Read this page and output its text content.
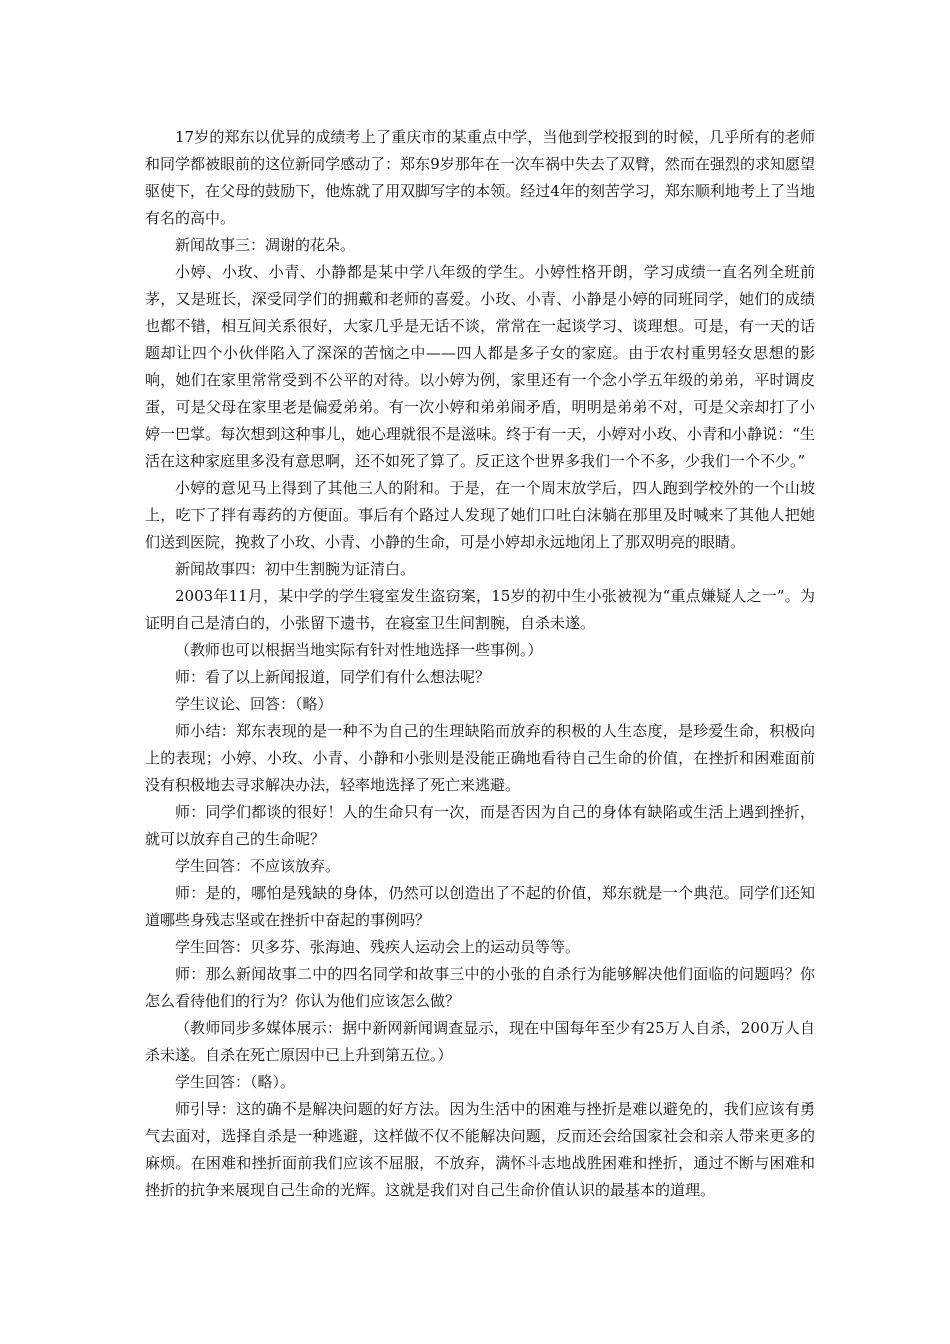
17岁的郑东以优异的成绩考上了重庆市的某重点中学，当他到学校报到的时候，几乎所有的老师和同学都被眼前的这位新同学感动了：郑东9岁那年在一次车祸中失去了双臂，然而在强烈的求知愿望驱使下，在父母的鼓励下，他炼就了用双脚写字的本领。经过4年的刻苦学习，郑东顺利地考上了当地有名的高中。

新闻故事三：凋谢的花朵。

小婷、小玫、小青、小静都是某中学八年级的学生。小婷性格开朗，学习成绩一直名列全班前茅，又是班长，深受同学们的拥戴和老师的喜爱。小玫、小青、小静是小婷的同班同学，她们的成绩也都不错，相互间关系很好，大家几乎是无话不谈，常常在一起谈学习、谈理想。可是，有一天的话题却让四个小伙伴陷入了深深的苦恼之中——四人都是多子女的家庭。由于农村重男轻女思想的影响，她们在家里常常受到不公平的对待。以小婷为例，家里还有一个念小学五年级的弟弟，平时调皮蛋，可是父母在家里老是偏爱弟弟。有一次小婷和弟弟闹矛盾，明明是弟弟不对，可是父亲却打了小婷一巴掌。每次想到这种事儿，她心理就很不是滋味。终于有一天，小婷对小玫、小青和小静说：“生活在这种家庭里多没有意思啊，还不如死了算了。反正这个世界多我们一个不多，少我们一个不少。”

小婷的意见马上得到了其他三人的附和。于是，在一个周末放学后，四人跑到学校外的一个山坡上，吃下了拌有毒药的方便面。事后有个路过人发现了她们口吐白沫躺在那里及时喊来了其他人把她们送到医院，挽救了小玫、小青、小静的生命，可是小婷却永远地闭上了那双明亮的眼睛。

新闻故事四：初中生割腕为证清白。

2003年11月，某中学的学生寝室发生盗窃案，15岁的初中生小张被视为“重点嫌疑人之一”。为证明自己是清白的，小张留下遗书，在寝室卫生间割腕，自杀未遂。

（教师也可以根据当地实际有针对性地选择一些事例。）

师：看了以上新闻报道，同学们有什么想法呢？

学生议论、回答：（略）

师小结：郑东表现的是一种不为自己的生理缺陷而放弃的积极的人生态度，是珍爱生命，积极向上的表现；小婷、小玫、小青、小静和小张则是没能正确地看待自己生命的价值，在挫折和困难面前没有积极地去寻求解决办法，轻率地选择了死亡来逃避。

师：同学们都谈的很好！人的生命只有一次，而是否因为自己的身体有缺陷或生活上遇到挫折，就可以放弃自己的生命呢？

学生回答：不应该放弃。

师：是的，哪怕是残缺的身体，仍然可以创造出了不起的价值，郑东就是一个典范。同学们还知道哪些身残志坚或在挫折中奋起的事例吗？

学生回答：贝多芬、张海迪、残疾人运动会上的运动员等等。

师：那么新闻故事二中的四名同学和故事三中的小张的自杀行为能够解决他们面临的问题吗？你怎么看待他们的行为？你认为他们应该怎么做？

（教师同步多媒体展示：据中新网新闻调查显示，现在中国每年至少有25万人自杀，200万人自杀未遂。自杀在死亡原因中已上升到第五位。）

学生回答：（略）。

师引导：这的确不是解决问题的好方法。因为生活中的困难与挫折是难以避免的，我们应该有勇气去面对，选择自杀是一种逃避，这样做不仅不能解决问题，反而还会给国家社会和亲人带来更多的麻烦。在困难和挫折面前我们应该不屈服，不放弃，满怀斗志地战胜困难和挫折，通过不断与困难和挫折的抗争来展现自己生命的光辉。这就是我们对自己生命价值认识的最基本的道理。
